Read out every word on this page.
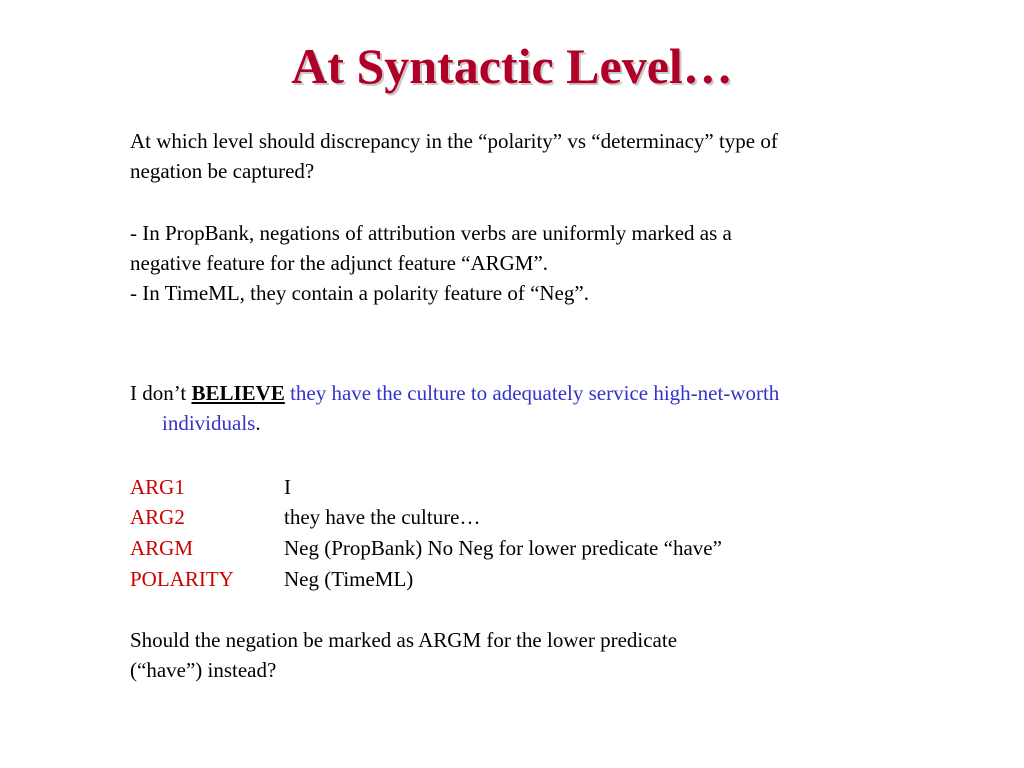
At Syntactic Level…
At which level should discrepancy in the “polarity” vs “determinacy” type of
negation be captured?
- In PropBank, negations of attribution verbs are uniformly marked as a
negative feature for the adjunct feature “ARGM”.
- In TimeML, they contain a polarity feature of “Neg”.
I don’t BELIEVE they have the culture to adequately service high-net-worth
individuals.
ARG1	I
ARG2	they have the culture…
ARGM	Neg (PropBank) No Neg for lower predicate “have”
POLARITY Neg (TimeML)
Should the negation be marked as ARGM for the lower predicate
(“have”) instead?
